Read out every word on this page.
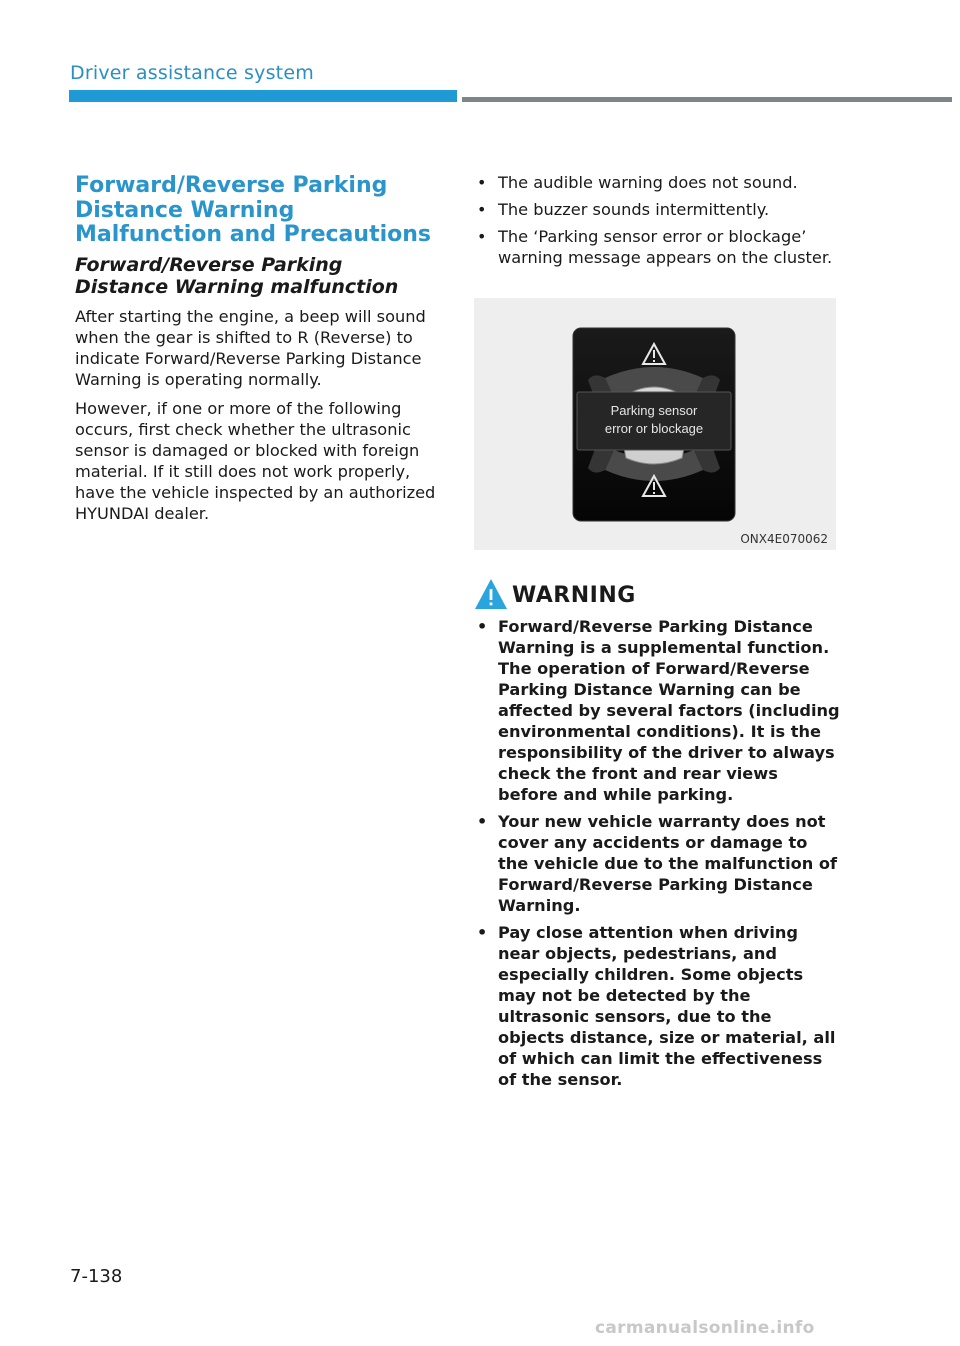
Driver assistance system
Forward/Reverse Parking Distance Warning Malfunction and Precautions
Forward/Reverse Parking Distance Warning malfunction

After starting the engine, a beep will sound when the gear is shifted to R (Reverse) to indicate Forward/Reverse Parking Distance Warning is operating normally.

However, if one or more of the following occurs, first check whether the ultrasonic sensor is damaged or blocked with foreign material. If it still does not work properly, have the vehicle inspected by an authorized HYUNDAI dealer.

• The audible warning does not sound.
• The buzzer sounds intermittently.
• The ‘Parking sensor error or blockage’ warning message appears on the cluster.
Parking sensor
error or blockage
ONX4E070062
WARNING
• Forward/Reverse Parking Distance Warning is a supplemental function. The operation of Forward/Reverse Parking Distance Warning can be affected by several factors (including environmental conditions). It is the responsibility of the driver to always check the front and rear views before and while parking.
• Your new vehicle warranty does not cover any accidents or damage to the vehicle due to the malfunction of Forward/Reverse Parking Distance Warning.
• Pay close attention when driving near objects, pedestrians, and especially children. Some objects may not be detected by the ultrasonic sensors, due to the objects distance, size or material, all of which can limit the effectiveness of the sensor.
7-138
carmanualsonline.info
